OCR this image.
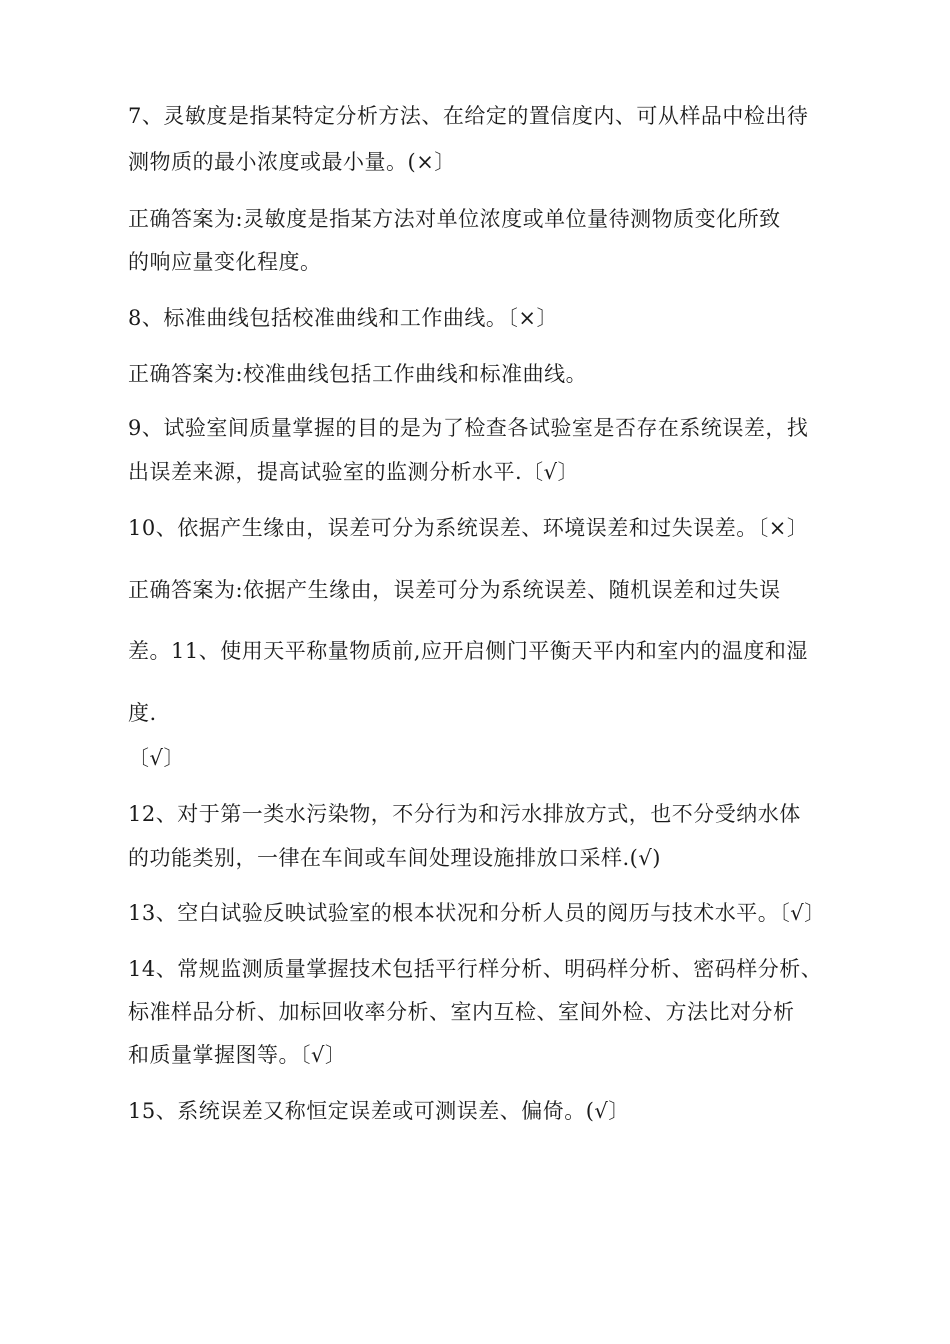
7、灵敏度是指某特定分析方法、在给定的置信度内、可从样品中检出待
测物质的最小浓度或最小量。(×〕
正确答案为:灵敏度是指某方法对单位浓度或单位量待测物质变化所致
的响应量变化程度。
8、标准曲线包括校准曲线和工作曲线。〔×〕
正确答案为:校准曲线包括工作曲线和标准曲线。
9、试验室间质量掌握的目的是为了检查各试验室是否存在系统误差，找
出误差来源，提高试验室的监测分析水平.〔√〕
10、依据产生缘由，误差可分为系统误差、环境误差和过失误差。〔×〕
正确答案为:依据产生缘由，误差可分为系统误差、随机误差和过失误
差。11、使用天平称量物质前,应开启侧门平衡天平内和室内的温度和湿
度.
〔√〕
12、对于第一类水污染物，不分行为和污水排放方式，也不分受纳水体
的功能类别，一律在车间或车间处理设施排放口采样.(√)
13、空白试验反映试验室的根本状况和分析人员的阅历与技术水平。〔√〕
14、常规监测质量掌握技术包括平行样分析、明码样分析、密码样分析、
标准样品分析、加标回收率分析、室内互检、室间外检、方法比对分析
和质量掌握图等。〔√〕
15、系统误差又称恒定误差或可测误差、偏倚。(√〕
